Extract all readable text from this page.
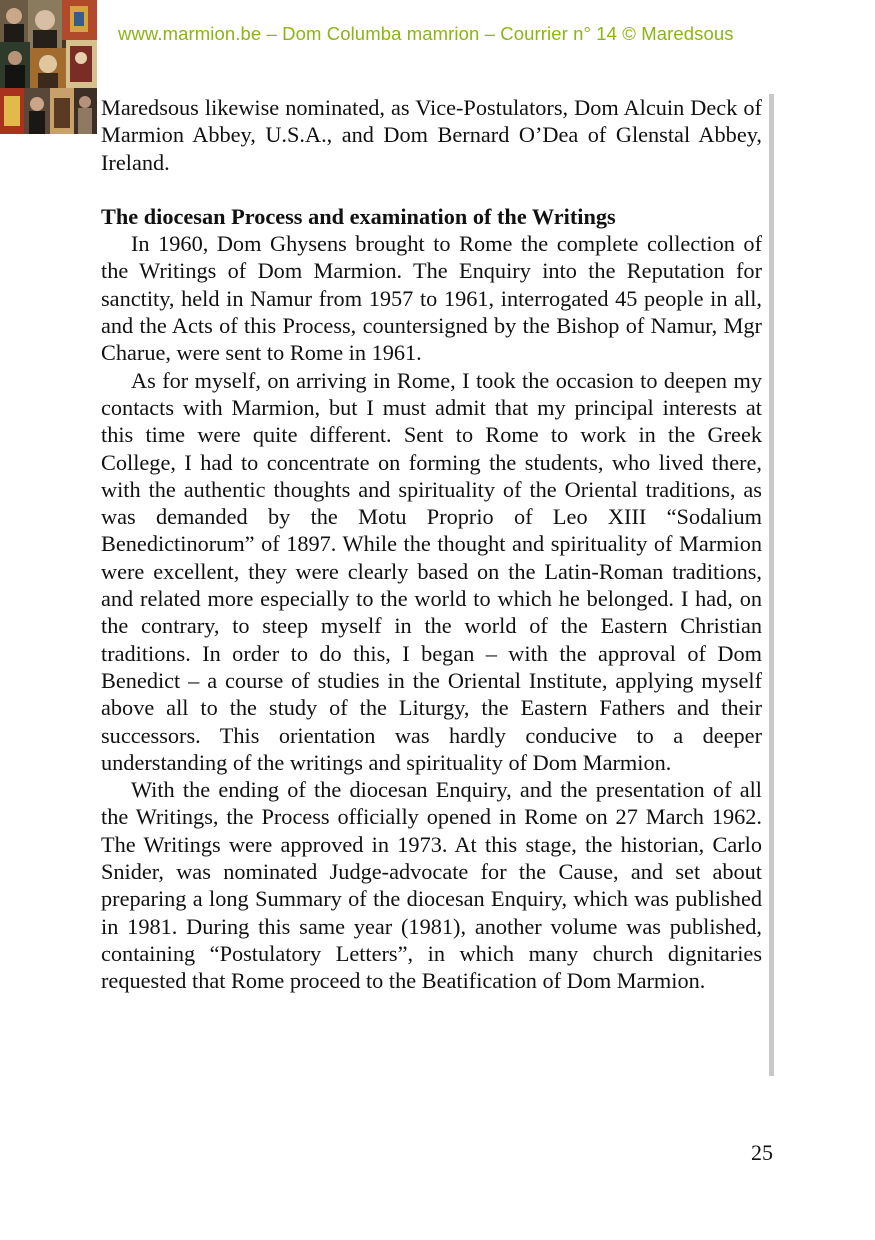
www.marmion.be – Dom Columba mamrion – Courrier n° 14 © Maredsous

Maredsous likewise nominated, as Vice-Postulators, Dom Alcuin Deck of Marmion Abbey, U.S.A., and Dom Bernard O’Dea of Glenstal Abbey, Ireland.

The diocesan Process and examination of the Writings

In 1960, Dom Ghysens brought to Rome the complete collection of the Writings of Dom Marmion. The Enquiry into the Reputation for sanctity, held in Namur from 1957 to 1961, interrogated 45 people in all, and the Acts of this Process, countersigned by the Bishop of Namur, Mgr Charue, were sent to Rome in 1961.

As for myself, on arriving in Rome, I took the occasion to deepen my contacts with Marmion, but I must admit that my principal interests at this time were quite different. Sent to Rome to work in the Greek College, I had to concentrate on forming the students, who lived there, with the authentic thoughts and spirituality of the Oriental traditions, as was demanded by the Motu Proprio of Leo XIII “Sodalium Benedictinorum” of 1897. While the thought and spirituality of Marmion were excellent, they were clearly based on the Latin-Roman traditions, and related more especially to the world to which he belonged. I had, on the contrary, to steep myself in the world of the Eastern Christian traditions. In order to do this, I began – with the approval of Dom Benedict – a course of studies in the Oriental Institute, applying myself above all to the study of the Liturgy, the Eastern Fathers and their successors. This orientation was hardly conducive to a deeper understanding of the writings and spirituality of Dom Marmion.

With the ending of the diocesan Enquiry, and the presentation of all the Writings, the Process officially opened in Rome on 27 March 1962. The Writings were approved in 1973. At this stage, the historian, Carlo Snider, was nominated Judge-advocate for the Cause, and set about preparing a long Summary of the diocesan Enquiry, which was published in 1981. During this same year (1981), another volume was published, containing “Postulatory Letters”, in which many church dignitaries requested that Rome proceed to the Beatification of Dom Marmion.

25
